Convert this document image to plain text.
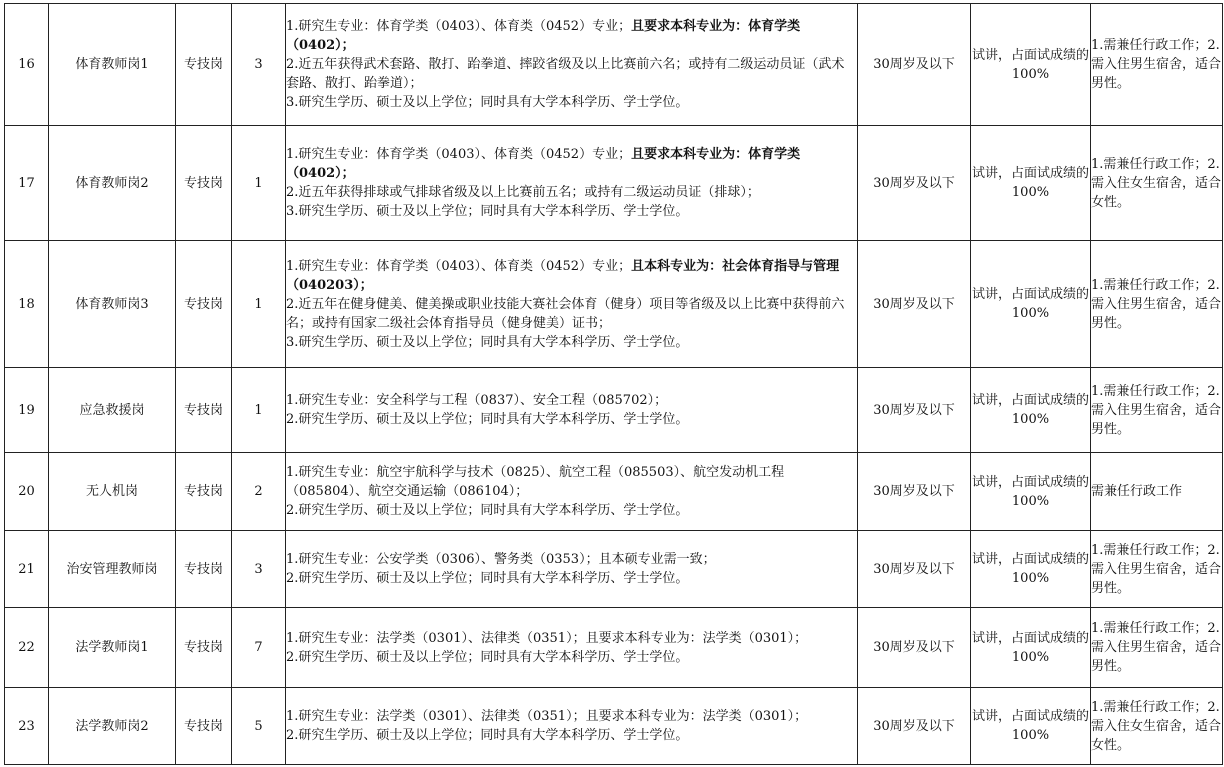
16	体育教师岗1	专技岗	3	1.研究生专业：体育学类（0403）、体育类（0452）专业；且要求本科专业为：体育学类（0402）；
2.近五年获得武术套路、散打、跆拳道、摔跤省级及以上比赛前六名；或持有二级运动员证（武术套路、散打、跆拳道）；
3.研究生学历、硕士及以上学位；同时具有大学本科学历、学士学位。	30周岁及以下	试讲，占面试成绩的100%	1.需兼任行政工作；2.需入住男生宿舍，适合男性。
17	体育教师岗2	专技岗	1	1.研究生专业：体育学类（0403）、体育类（0452）专业；且要求本科专业为：体育学类（0402）；
2.近五年获得排球或气排球省级及以上比赛前五名；或持有二级运动员证（排球）；
3.研究生学历、硕士及以上学位；同时具有大学本科学历、学士学位。	30周岁及以下	试讲，占面试成绩的100%	1.需兼任行政工作；2.需入住女生宿舍，适合女性。
18	体育教师岗3	专技岗	1	1.研究生专业：体育学类（0403）、体育类（0452）专业；且本科专业为：社会体育指导与管理（040203）；
2.近五年在健身健美、健美操或职业技能大赛社会体育（健身）项目等省级及以上比赛中获得前六名；或持有国家二级社会体育指导员（健身健美）证书；
3.研究生学历、硕士及以上学位；同时具有大学本科学历、学士学位。	30周岁及以下	试讲，占面试成绩的100%	1.需兼任行政工作；2.需入住男生宿舍，适合男性。
19	应急救援岗	专技岗	1	1.研究生专业：安全科学与工程（0837）、安全工程（085702）；
2.研究生学历、硕士及以上学位；同时具有大学本科学历、学士学位。	30周岁及以下	试讲，占面试成绩的100%	1.需兼任行政工作；2.需入住男生宿舍，适合男性。
20	无人机岗	专技岗	2	1.研究生专业：航空宇航科学与技术（0825）、航空工程（085503）、航空发动机工程（085804）、航空交通运输（086104）；
2.研究生学历、硕士及以上学位；同时具有大学本科学历、学士学位。	30周岁及以下	试讲，占面试成绩的100%	需兼任行政工作
21	治安管理教师岗	专技岗	3	1.研究生专业：公安学类（0306）、警务类（0353）；且本硕专业需一致；
2.研究生学历、硕士及以上学位；同时具有大学本科学历、学士学位。	30周岁及以下	试讲，占面试成绩的100%	1.需兼任行政工作；2.需入住男生宿舍，适合男性。
22	法学教师岗1	专技岗	7	1.研究生专业：法学类（0301）、法律类（0351）；且要求本科专业为：法学类（0301）；
2.研究生学历、硕士及以上学位；同时具有大学本科学历、学士学位。	30周岁及以下	试讲，占面试成绩的100%	1.需兼任行政工作；2.需入住男生宿舍，适合男性。
23	法学教师岗2	专技岗	5	1.研究生专业：法学类（0301）、法律类（0351）；且要求本科专业为：法学类（0301）；
2.研究生学历、硕士及以上学位；同时具有大学本科学历、学士学位。	30周岁及以下	试讲，占面试成绩的100%	1.需兼任行政工作；2.需入住女生宿舍，适合女性。
